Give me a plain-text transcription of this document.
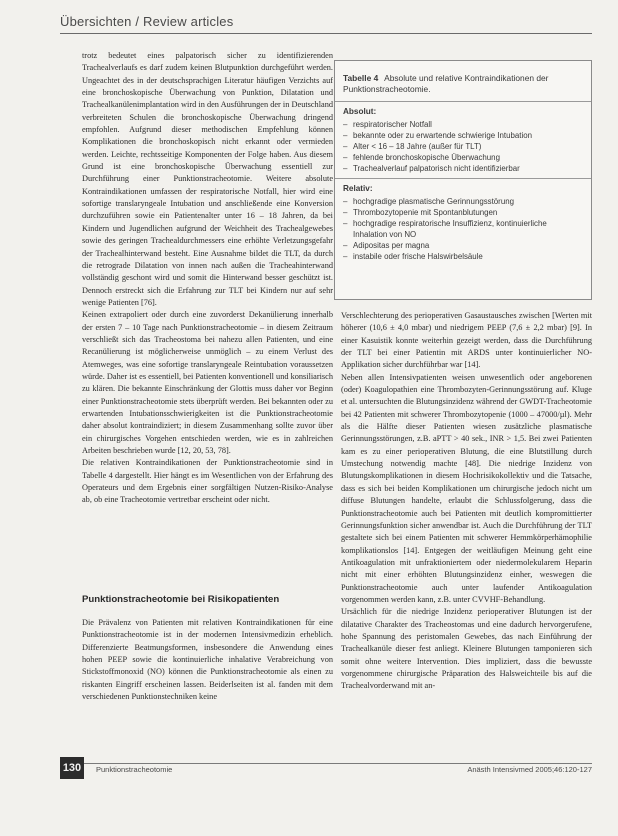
Übersichten / Review articles

trotz bedeutet eines palpatorisch sicher zu identifizierenden Trachealverlaufs es darf zudem keinen Blutpunktion durchgeführt werden. Ungeachtet des in der deutschsprachigen Literatur häufigen Verzichts auf eine bronchoskopische Überwachung von Punktion, Dilatation und Trachealkanülenimplantation wird in den Ausführungen der in Deutschland verbreiteten Schulen die bronchoskopische Überwachung dringend empfohlen. Aufgrund dieser methodischen Empfehlung können Komplikationen die bronchoskopisch nicht erkannt oder vermieden werden. Leichte, rechtsseitige Komponenten der Folge haben. Aus diesem Grund ist eine bronchoskopische Überwachung essentiell zur Durchführung einer Punktionstracheotomie. Weitere absolute Kontraindikationen umfassen der respiratorische Notfall, hier wird eine sofortige translaryngeale Intubation und anschließende eine Konversion durchzuführen sowie ein Patientenalter unter 16 – 18 Jahren, da bei Kindern und Jugendlichen aufgrund der Weichheit des Trachealgewebes sowie des geringen Trachealdurchmessers eine erhöhte Verletzungsgefahr der Trachealhinterwand besteht. Eine Ausnahme bildet die TLT, da durch die retrograde Dilatation von innen nach außen die Tracheahinterwand vollständig geschont wird und somit die Hinterwand besser geschützt ist. Dennoch erstreckt sich die Erfahrung zur TLT bei Kindern nur auf sehr wenige Patienten [76].

Keinen extrapoliert oder durch eine zuvorderst Dekanülierung innerhalb der ersten 7 – 10 Tage nach Punktionstracheotomie – in diesem Zeitraum verschließt sich das Tracheostoma bei nahezu allen Patienten, und eine Recanülierung ist möglicherweise unmöglich – zu einem Verlust des Atemweges, was eine sofortige translaryngeale Reintubation voraussetzen würde. Daher ist es essentiell, bei Patienten konventionell und konsiliarisch zu klären. Die bekannte Einschränkung der Glottis muss daher vor Beginn einer Punktionstracheotomie stets überprüft werden. Bei bekannten oder zu erwartenden Intubationsschwierigkeiten ist die Punktionstracheotomie daher absolut kontraindiziert; in diesem Zusammenhang sollte zuvor über ein chirurgisches Vorgehen entschieden werden, wie es in zahlreichen Arbeiten beschrieben wurde [12, 20, 53, 78].

Die relativen Kontraindikationen der Punktionstracheotomie sind in Tabelle 4 dargestellt. Hier hängt es im Wesentlichen von der Erfahrung des Operateurs und dem Ergebnis einer sorgfältigen Nutzen-Risiko-Analyse ab, ob eine Tracheotomie vertretbar erscheint oder nicht.

Punktionstracheotomie bei Risikopatienten

Die Prävalenz von Patienten mit relativen Kontraindikationen für eine Punktionstracheotomie ist in der modernen Intensivmedizin erheblich. Differenzierte Beatmungsformen, insbesondere die Anwendung eines hohen PEEP sowie die kontinuierliche inhalative Verabreichung von Stickstoffmonoxid (NO) können die Punktionstracheotomie als einen zu riskanten Eingriff erscheinen lassen. Beiderlseiten ist al. fanden mit dem verschiedenen Punktionstechniken keine

Tabelle 4 Absolute und relative Kontraindikationen der Punktionstracheotomie.
Absolut:
– respiratorischer Notfall
– bekannte oder zu erwartende schwierige Intubation
– Alter < 16 – 18 Jahre (außer für TLT)
– fehlende bronchoskopische Überwachung
– Trachealverlauf palpatorisch nicht identifizierbar
Relativ:
– hochgradige plasmatische Gerinnungsstörung
– Thrombozytopenie mit Spontanblutungen
– hochgradige respiratorische Insuffizienz, kontinuierliche Inhalation von NO
– Adipositas per magna
– instabile oder frische Halswirbelsäule

Verschlechterung des perioperativen Gasaustausches zwischen [Werten mit höherer (10,6 ± 4,0 mbar) und niedrigem PEEP (7,6 ± 2,2 mbar) [9]. In einer Kasuistik konnte weiterhin gezeigt werden, dass die Durchführung der TLT bei einer Patientin mit ARDS unter kontinuierlicher NO-Applikation sicher durchführbar war [14].

Neben allen Intensivpatienten weisen unwesentlich oder angeborenen (oder) Koagulopathien eine Thrombozyten-Gerinnungsstörung auf. Kluge et al. untersuchten die Blutungsinzidenz während der GWDT-Tracheotomie bei 42 Patienten mit schwerer Thrombozytopenie (1000 – 47000/µl). Mehr als die Hälfte dieser Patienten wiesen zusätzliche plasmatische Gerinnungsstörungen, z.B. aPTT > 40 sek., INR > 1,5. Bei zwei Patienten kam es zu einer perioperativen Blutung, die eine Blutstillung durch Umstechung notwendig machte [48]. Die niedrige Inzidenz von Blutungskomplikationen in diesem Hochrisikokollektiv und die Tatsache, dass es sich bei beiden Komplikationen um chirurgische jedoch nicht um diffuse Blutungen handelte, erlaubt die Schlussfolgerung, dass die Punktionstracheotomie auch bei Patienten mit deutlich kompromittierter Gerinnungsfunktion sicher anwendbar ist. Auch die Durchführung der TLT gestaltete sich bei einem Patienten mit schwerer Hemmkörperhämophilie komplikationslos [14]. Entgegen der weitläufigen Meinung geht eine Antikoagulation mit unfraktioniertem oder niedermolekularem Heparin nicht mit einer erhöhten Blutungsinzidenz einher, weswegen die Punktionstracheotomie auch unter laufender Antikoagulation vorgenommen werden kann, z.B. unter CVVHF-Behandlung.

Ursächlich für die niedrige Inzidenz perioperativer Blutungen ist der dilatative Charakter des Tracheostomas und eine dadurch hervorgerufene, hohe Spannung des peristomalen Gewebes, das nach Einführung der Trachealkanüle dieser fest anliegt. Kleinere Blutungen tamponieren sich somit ohne weitere Intervention. Dies impliziert, dass die bewusste vorgenommene chirurgische Präparation des Halsweichteile bis auf die Trachealvorderwand mit an-

130	Punktionstracheotomie	Anästh Intensivmed 2005;46:120-127
